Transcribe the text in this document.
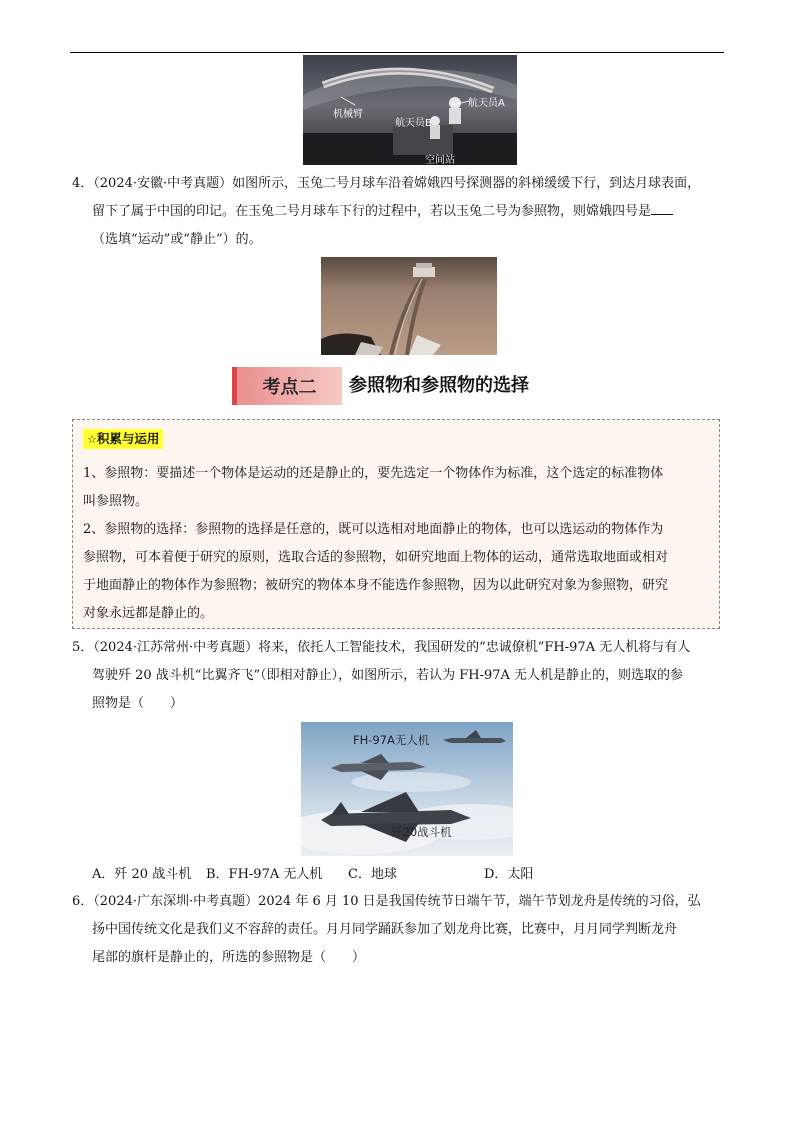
机械臂
航天员A
航天员B
空间站
4．（2024·安徽·中考真题）如图所示，玉兔二号月球车沿着嫦娥四号探测器的斜梯缓缓下行，到达月球表面，
留下了属于中国的印记。在玉兔二号月球车下行的过程中，若以玉兔二号为参照物，则嫦娥四号是
（选填“运动”或“静止”）的。
考点二	参照物和参照物的选择
☆积累与运用
1、参照物：要描述一个物体是运动的还是静止的，要先选定一个物体作为标准，这个选定的标准物体
叫参照物。
2、参照物的选择：参照物的选择是任意的，既可以选相对地面静止的物体，也可以选运动的物体作为
参照物，可本着便于研究的原则，选取合适的参照物，如研究地面上物体的运动，通常选取地面或相对
于地面静止的物体作为参照物；被研究的物体本身不能选作参照物，因为以此研究对象为参照物，研究
对象永远都是静止的。
5．（2024·江苏常州·中考真题）将来，依托人工智能技术，我国研发的“忠诚僚机”FH-97A 无人机将与有人
驾驶歼 20 战斗机“比翼齐飞”（即相对静止），如图所示，若认为 FH-97A 无人机是静止的，则选取的参
照物是（　　）
FH-97A无人机
歼20战斗机
A．歼 20 战斗机 B．FH-97A 无人机 C．地球	D．太阳
6．（2024·广东深圳·中考真题）2024 年 6 月 10 日是我国传统节日端午节，端午节划龙舟是传统的习俗，弘
扬中国传统文化是我们义不容辞的责任。月月同学踊跃参加了划龙舟比赛，比赛中，月月同学判断龙舟
尾部的旗杆是静止的，所选的参照物是（　　）
